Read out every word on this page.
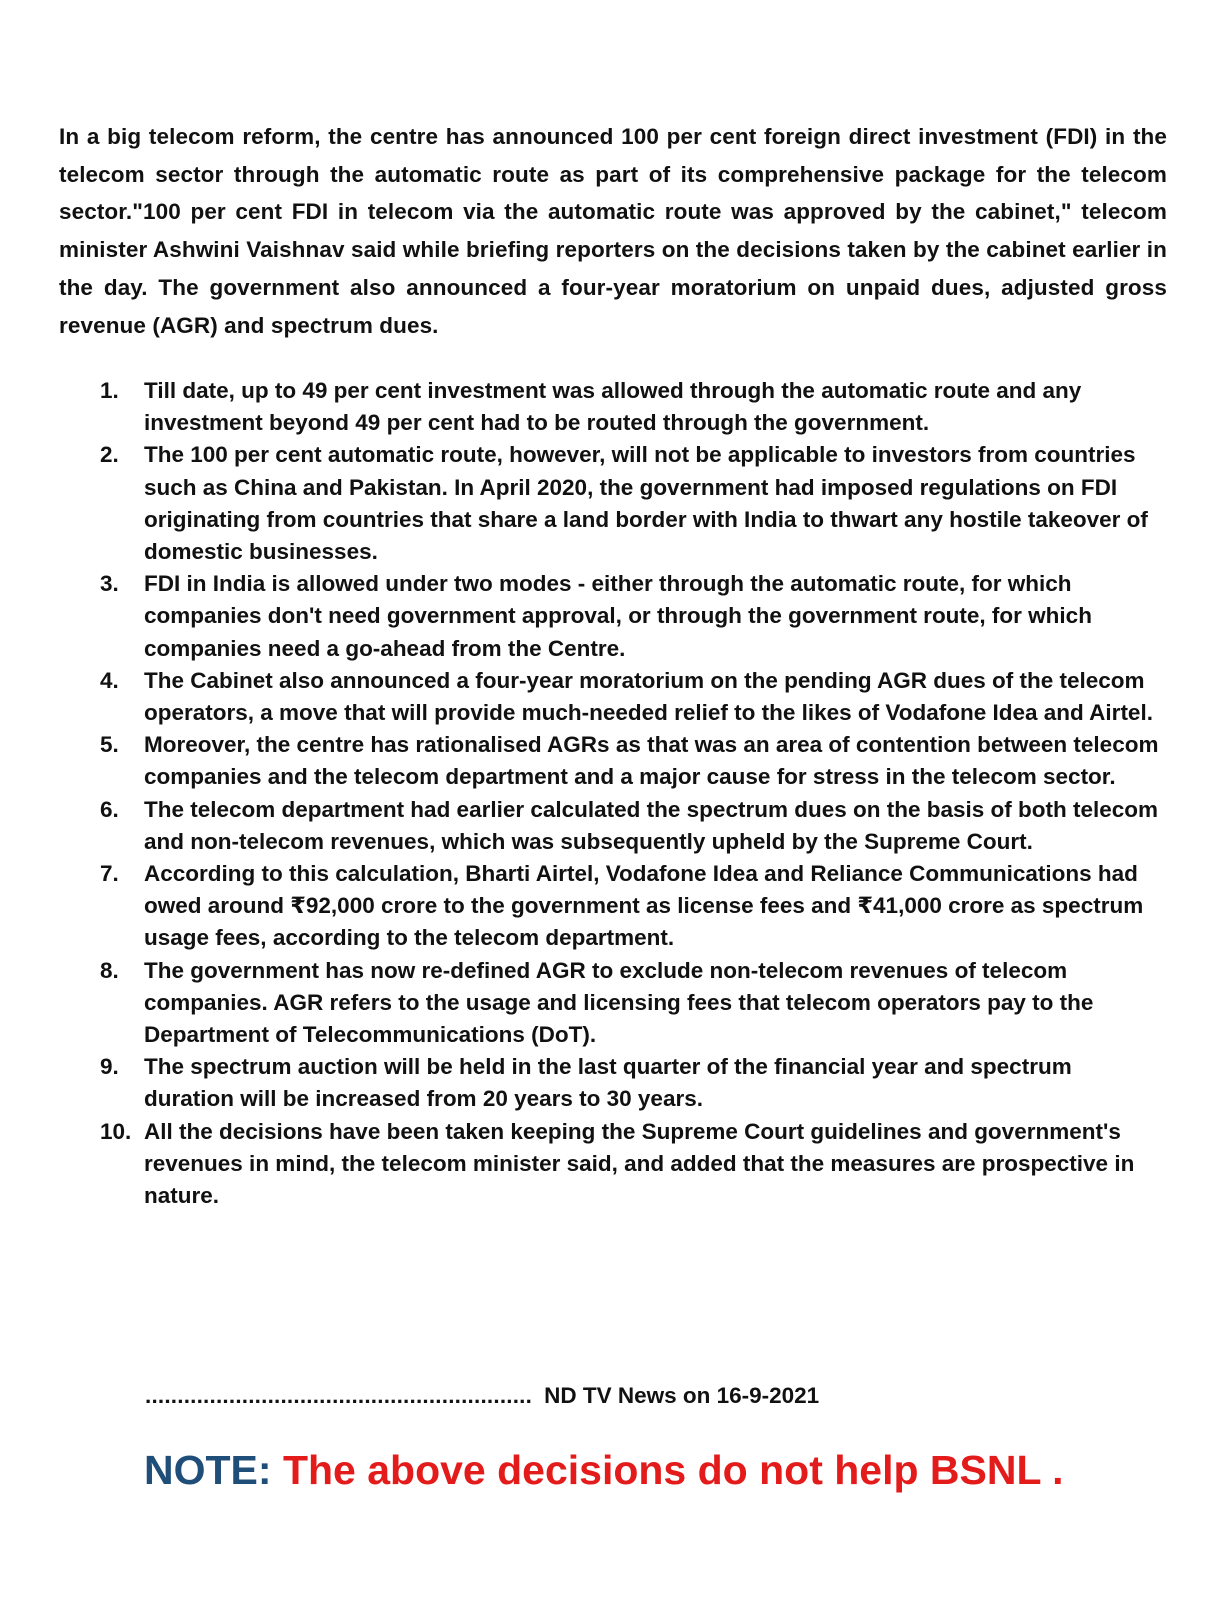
In a big telecom reform, the centre has announced 100 per cent foreign direct investment (FDI) in the telecom sector through the automatic route as part of its comprehensive package for the telecom sector."100 per cent FDI in telecom via the automatic route was approved by the cabinet," telecom minister Ashwini Vaishnav said while briefing reporters on the decisions taken by the cabinet earlier in the day. The government also announced a four-year moratorium on unpaid dues, adjusted gross revenue (AGR) and spectrum dues.

1.	Till date, up to 49 per cent investment was allowed through the automatic route and any investment beyond 49 per cent had to be routed through the government.
2.	The 100 per cent automatic route, however, will not be applicable to investors from countries such as China and Pakistan. In April 2020, the government had imposed regulations on FDI originating from countries that share a land border with India to thwart any hostile takeover of domestic businesses.
3.	FDI in India is allowed under two modes - either through the automatic route, for which companies don't need government approval, or through the government route, for which companies need a go-ahead from the Centre.
4.	The Cabinet also announced a four-year moratorium on the pending AGR dues of the telecom operators, a move that will provide much-needed relief to the likes of Vodafone Idea and Airtel.
5.	Moreover, the centre has rationalised AGRs as that was an area of contention between telecom companies and the telecom department and a major cause for stress in the telecom sector.
6.	The telecom department had earlier calculated the spectrum dues on the basis of both telecom and non-telecom revenues, which was subsequently upheld by the Supreme Court.
7.	According to this calculation, Bharti Airtel, Vodafone Idea and Reliance Communications had owed around ₹92,000 crore to the government as license fees and ₹41,000 crore as spectrum usage fees, according to the telecom department.
8.	The government has now re-defined AGR to exclude non-telecom revenues of telecom companies. AGR refers to the usage and licensing fees that telecom operators pay to the Department of Telecommunications (DoT).
9.	The spectrum auction will be held in the last quarter of the financial year and spectrum duration will be increased from 20 years to 30 years.
10. All the decisions have been taken keeping the Supreme Court guidelines and government's revenues in mind, the telecom minister said, and added that the measures are prospective in nature.
............................................................ ND TV News on 16-9-2021
NOTE: The above decisions do not help BSNL .
